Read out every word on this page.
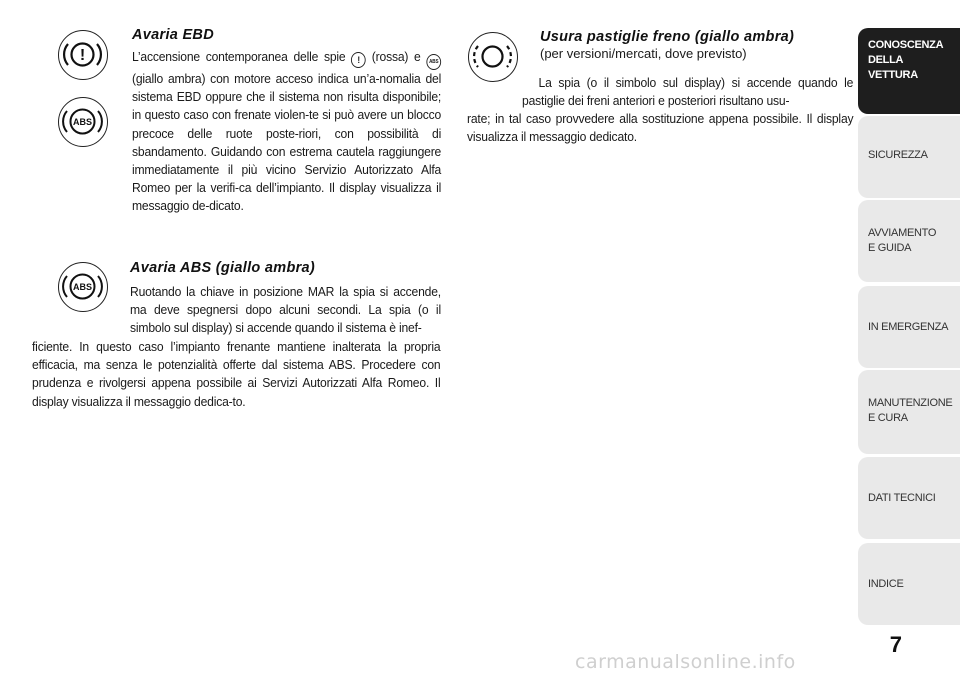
!
ABS
Avaria EBD

L’accensione contemporanea delle spie ! (rossa) e ABS (giallo ambra) con motore acceso indica un’a-nomalia del sistema EBD oppure che il sistema non risulta disponibile; in questo caso con frenate violen-te si può avere un blocco precoce delle ruote poste-riori, con possibilità di sbandamento. Guidando con estrema cautela raggiungere immediatamente il più vicino Servizio Autorizzato Alfa Romeo per la verifi-ca dell’impianto. Il display visualizza il messaggio de-dicato.

ABS
Avaria ABS (giallo ambra)

Ruotando la chiave in posizione MAR la spia si accende, ma deve spegnersi dopo alcuni secondi. La spia (o il simbolo sul display) si accende quando il sistema è inef-

ficiente. In questo caso l’impianto frenante mantiene inalterata la propria efficacia, ma senza le potenzialità offerte dal sistema ABS. Procedere con prudenza e rivolgersi appena possibile ai Servizi Autorizzati Alfa Romeo. Il display visualizza il messaggio dedica-to.

Usura pastiglie freno (giallo ambra)
(per versioni/mercati, dove previsto)

La spia (o il simbolo sul display) si accende quando le pastiglie dei freni anteriori e posteriori risultano usu-

rate; in tal caso provvedere alla sostituzione appena possibile. Il display visualizza il messaggio dedicato.

CONOSCENZA
DELLA
VETTURA
SICUREZZA
AVVIAMENTO
E GUIDA
IN EMERGENZA
MANUTENZIONE
E CURA
DATI TECNICI
INDICE
7
carmanualsonline.info
